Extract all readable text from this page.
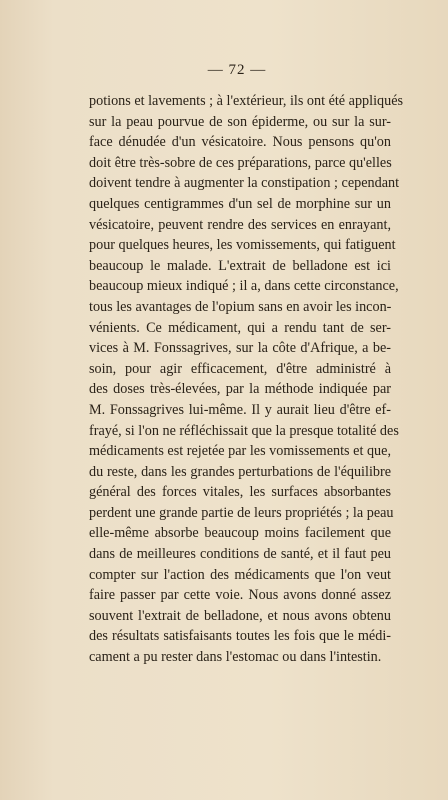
— 72 —
potions et lavements ; à l'extérieur, ils ont été appliqués
sur la peau pourvue de son épiderme, ou sur la sur-
face dénudée d'un vésicatoire. Nous pensons qu'on
doit être très-sobre de ces préparations, parce qu'elles
doivent tendre à augmenter la constipation ; cependant
quelques centigrammes d'un sel de morphine sur un
vésicatoire, peuvent rendre des services en enrayant,
pour quelques heures, les vomissements, qui fatiguent
beaucoup le malade. L'extrait de belladone est ici
beaucoup mieux indiqué ; il a, dans cette circonstance,
tous les avantages de l'opium sans en avoir les incon-
vénients. Ce médicament, qui a rendu tant de ser-
vices à M. Fonssagrives, sur la côte d'Afrique, a be-
soin, pour agir efficacement, d'être administré à
des doses très-élevées, par la méthode indiquée par
M. Fonssagrives lui-même. Il y aurait lieu d'être ef-
frayé, si l'on ne réfléchissait que la presque totalité des
médicaments est rejetée par les vomissements et que,
du reste, dans les grandes perturbations de l'équilibre
général des forces vitales, les surfaces absorbantes
perdent une grande partie de leurs propriétés ; la peau
elle-même absorbe beaucoup moins facilement que
dans de meilleures conditions de santé, et il faut peu
compter sur l'action des médicaments que l'on veut
faire passer par cette voie. Nous avons donné assez
souvent l'extrait de belladone, et nous avons obtenu
des résultats satisfaisants toutes les fois que le médi-
cament a pu rester dans l'estomac ou dans l'intestin.
